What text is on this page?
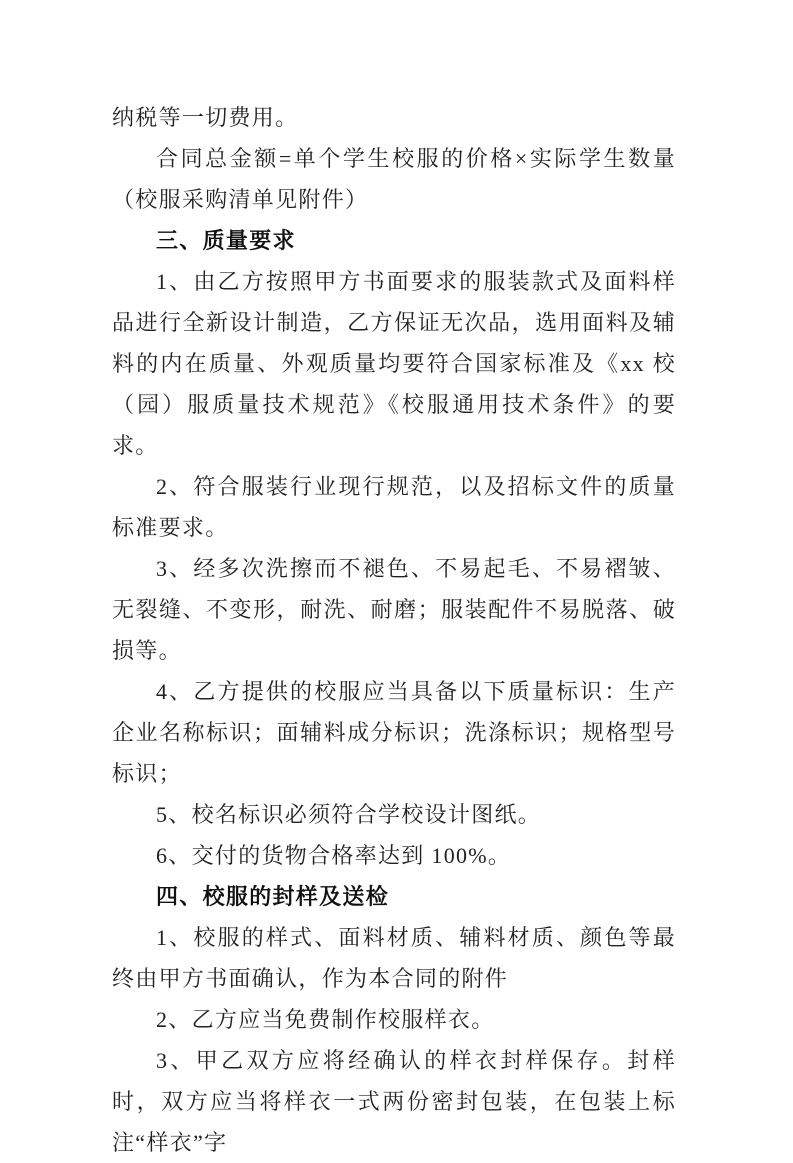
纳税等一切费用。

合同总金额=单个学生校服的价格×实际学生数量（校服采购清单见附件）

三、质量要求

1、由乙方按照甲方书面要求的服装款式及面料样品进行全新设计制造，乙方保证无次品，选用面料及辅料的内在质量、外观质量均要符合国家标准及《xx 校（园）服质量技术规范》《校服通用技术条件》的要求。

2、符合服装行业现行规范，以及招标文件的质量标准要求。

3、经多次洗擦而不褪色、不易起毛、不易褶皱、无裂缝、不变形，耐洗、耐磨；服装配件不易脱落、破损等。

4、乙方提供的校服应当具备以下质量标识：生产企业名称标识；面辅料成分标识；洗涤标识；规格型号标识；

5、校名标识必须符合学校设计图纸。

6、交付的货物合格率达到 100%。

四、校服的封样及送检

1、校服的样式、面料材质、辅料材质、颜色等最终由甲方书面确认，作为本合同的附件

2、乙方应当免费制作校服样衣。

3、甲乙双方应将经确认的样衣封样保存。封样时，双方应当将样衣一式两份密封包装，在包装上标注“样衣”字
